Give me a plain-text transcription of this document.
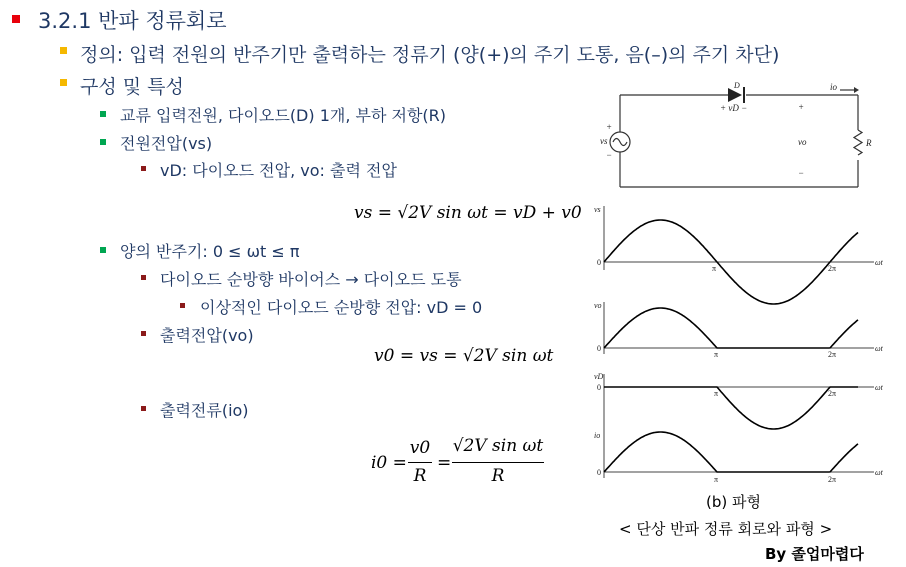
3.2.1 반파 정류회로
정의: 입력 전원의 반주기만 출력하는 정류기 (양(+)의 주기 도통, 음(–)의 주기 차단)
구성 및 특성
교류 입력전원, 다이오드(D) 1개, 부하 저항(R)
전원전압(vs)
vD: 다이오드 전압, vo: 출력 전압
vs = √2V sin ωt = vD + v0
양의 반주기: 0 ≤ ωt ≤ π
다이오드 순방향 바이어스 → 다이오드 도통
이상적인 다이오드 순방향 전압: vD = 0
출력전압(vo)
v0 = vs = √2V sin ωt
출력전류(io)
i0 =
v0
R
=
√2V sin ωt
R
D
+ vD −
io
+
vo
−
vs
+
−
R
vs
vo
vD
io
0
0
0
0
π	2π
π	2π
π	2π
π	2π
ωt
ωt
ωt
ωt
(b) 파형
< 단상 반파 정류 회로와 파형 >
By 졸업마렵다
